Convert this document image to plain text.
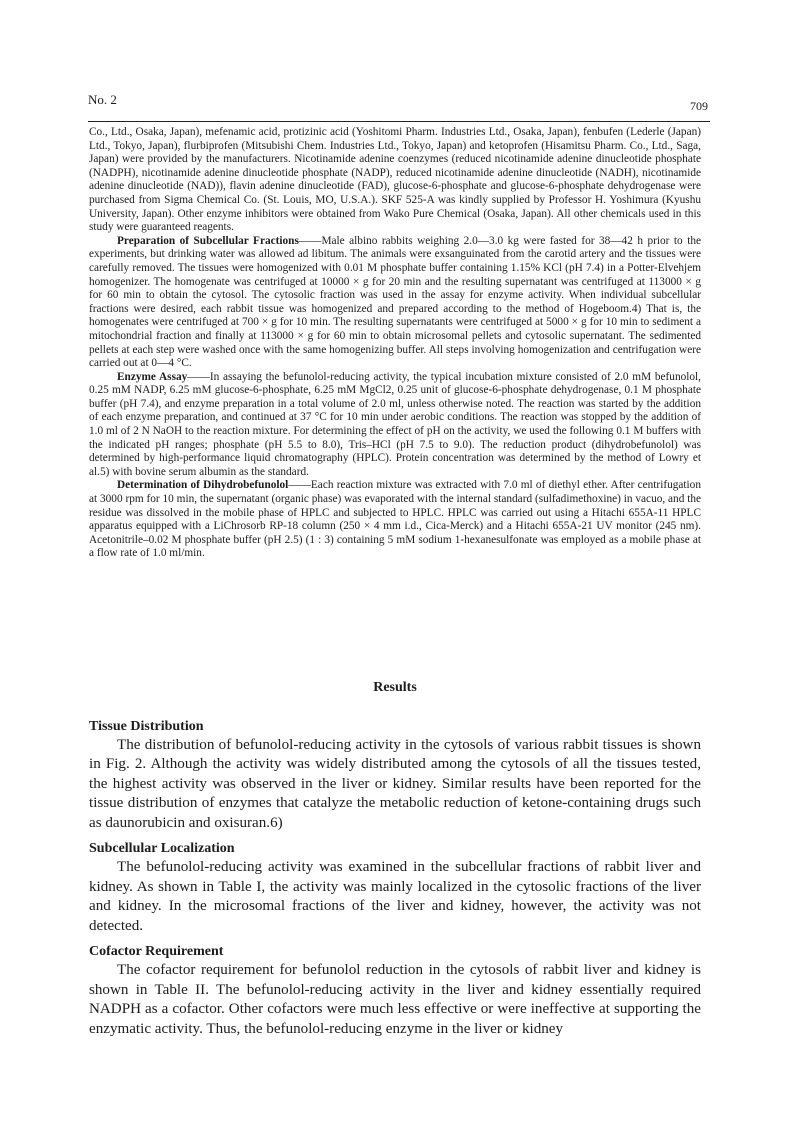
No. 2	709

Co., Ltd., Osaka, Japan), mefenamic acid, protizinic acid (Yoshitomi Pharm. Industries Ltd., Osaka, Japan), fenbufen (Lederle (Japan) Ltd., Tokyo, Japan), flurbiprofen (Mitsubishi Chem. Industries Ltd., Tokyo, Japan) and ketoprofen (Hisamitsu Pharm. Co., Ltd., Saga, Japan) were provided by the manufacturers. Nicotinamide adenine coenzymes (reduced nicotinamide adenine dinucleotide phosphate (NADPH), nicotinamide adenine dinucleotide phosphate (NADP), reduced nicotinamide adenine dinucleotide (NADH), nicotinamide adenine dinucleotide (NAD)), flavin adenine dinucleotide (FAD), glucose-6-phosphate and glucose-6-phosphate dehydrogenase were purchased from Sigma Chemical Co. (St. Louis, MO, U.S.A.). SKF 525-A was kindly supplied by Professor H. Yoshimura (Kyushu University, Japan). Other enzyme inhibitors were obtained from Wako Pure Chemical (Osaka, Japan). All other chemicals used in this study were guaranteed reagents.

Preparation of Subcellular Fractions——Male albino rabbits weighing 2.0—3.0 kg were fasted for 38—42 h prior to the experiments, but drinking water was allowed ad libitum. The animals were exsanguinated from the carotid artery and the tissues were carefully removed. The tissues were homogenized with 0.01 M phosphate buffer containing 1.15% KCl (pH 7.4) in a Potter-Elvehjem homogenizer. The homogenate was centrifuged at 10000 × g for 20 min and the resulting supernatant was centrifuged at 113000 × g for 60 min to obtain the cytosol. The cytosolic fraction was used in the assay for enzyme activity. When individual subcellular fractions were desired, each rabbit tissue was homogenized and prepared according to the method of Hogeboom.4) That is, the homogenates were centrifuged at 700 × g for 10 min. The resulting supernatants were centrifuged at 5000 × g for 10 min to sediment a mitochondrial fraction and finally at 113000 × g for 60 min to obtain microsomal pellets and cytosolic supernatant. The sedimented pellets at each step were washed once with the same homogenizing buffer. All steps involving homogenization and centrifugation were carried out at 0—4 °C.

Enzyme Assay——In assaying the befunolol-reducing activity, the typical incubation mixture consisted of 2.0 mM befunolol, 0.25 mM NADP, 6.25 mM glucose-6-phosphate, 6.25 mM MgCl2, 0.25 unit of glucose-6-phosphate dehydrogenase, 0.1 M phosphate buffer (pH 7.4), and enzyme preparation in a total volume of 2.0 ml, unless otherwise noted. The reaction was started by the addition of each enzyme preparation, and continued at 37 °C for 10 min under aerobic conditions. The reaction was stopped by the addition of 1.0 ml of 2 N NaOH to the reaction mixture. For determining the effect of pH on the activity, we used the following 0.1 M buffers with the indicated pH ranges; phosphate (pH 5.5 to 8.0), Tris–HCl (pH 7.5 to 9.0). The reduction product (dihydrobefunolol) was determined by high-performance liquid chromatography (HPLC). Protein concentration was determined by the method of Lowry et al.5) with bovine serum albumin as the standard.

Determination of Dihydrobefunolol——Each reaction mixture was extracted with 7.0 ml of diethyl ether. After centrifugation at 3000 rpm for 10 min, the supernatant (organic phase) was evaporated with the internal standard (sulfadimethoxine) in vacuo, and the residue was dissolved in the mobile phase of HPLC and subjected to HPLC. HPLC was carried out using a Hitachi 655A-11 HPLC apparatus equipped with a LiChrosorb RP-18 column (250 × 4 mm i.d., Cica-Merck) and a Hitachi 655A-21 UV monitor (245 nm). Acetonitrile–0.02 M phosphate buffer (pH 2.5) (1 : 3) containing 5 mM sodium 1-hexanesulfonate was employed as a mobile phase at a flow rate of 1.0 ml/min.

Results
Tissue Distribution

The distribution of befunolol-reducing activity in the cytosols of various rabbit tissues is shown in Fig. 2. Although the activity was widely distributed among the cytosols of all the tissues tested, the highest activity was observed in the liver or kidney. Similar results have been reported for the tissue distribution of enzymes that catalyze the metabolic reduction of ketone-containing drugs such as daunorubicin and oxisuran.6)

Subcellular Localization

The befunolol-reducing activity was examined in the subcellular fractions of rabbit liver and kidney. As shown in Table I, the activity was mainly localized in the cytosolic fractions of the liver and kidney. In the microsomal fractions of the liver and kidney, however, the activity was not detected.

Cofactor Requirement

The cofactor requirement for befunolol reduction in the cytosols of rabbit liver and kidney is shown in Table II. The befunolol-reducing activity in the liver and kidney essentially required NADPH as a cofactor. Other cofactors were much less effective or were ineffective at supporting the enzymatic activity. Thus, the befunolol-reducing enzyme in the liver or kidney
